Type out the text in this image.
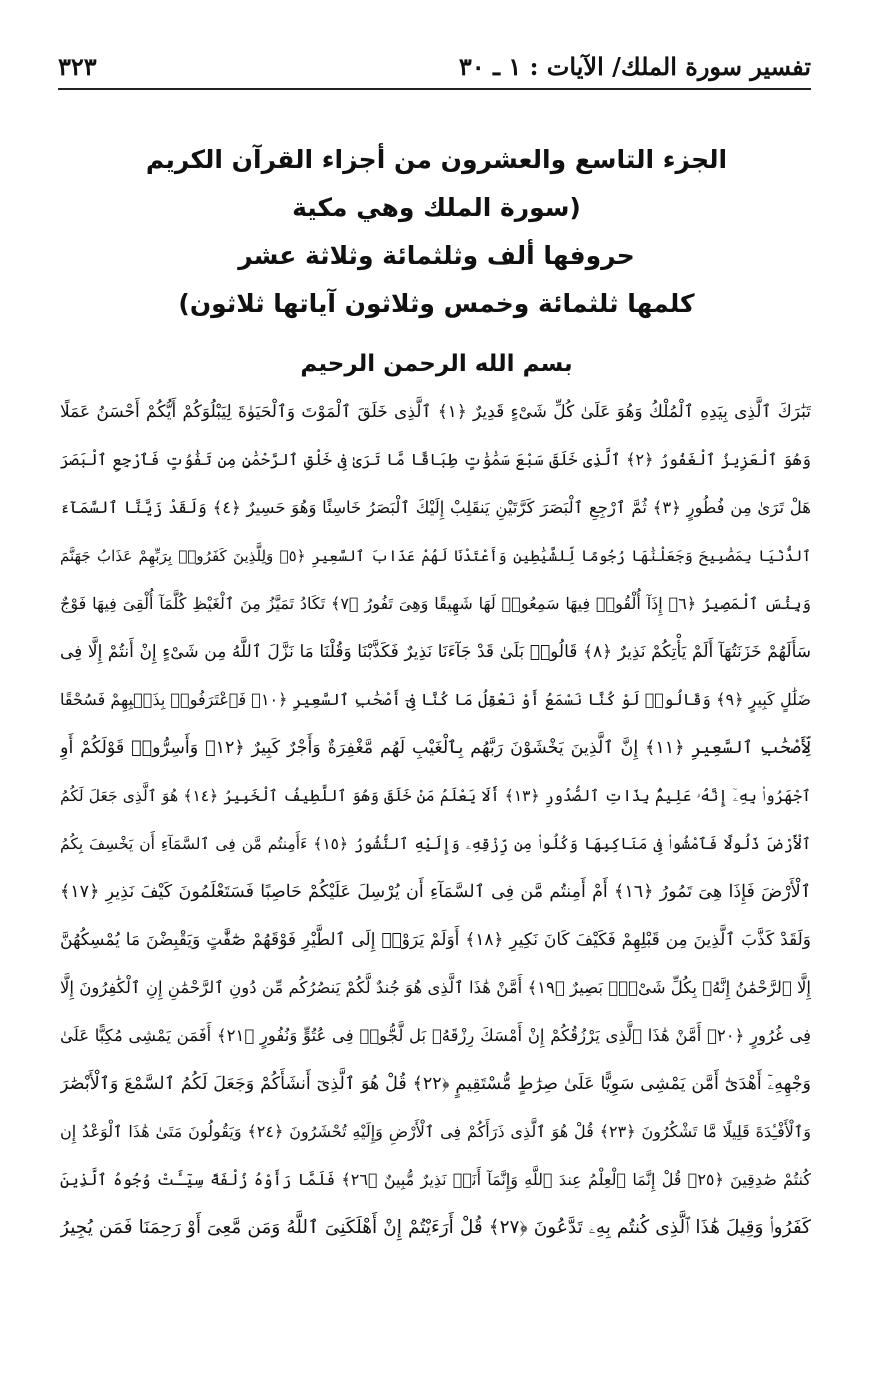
تفسير سورة الملك/ الآيات : ١ ـ ٣٠
٣٢٣
الجزء التاسع والعشرون من أجزاء القرآن الكريم
(سورة الملك وهي مكية
حروفها ألف وثلثمائة وثلاثة عشر
كلمها ثلثمائة وخمس وثلاثون آياتها ثلاثون)
بسم الله الرحمن الرحيم
تَبَٰرَكَ ٱلَّذِى بِيَدِهِ ٱلْمُلْكُ وَهُوَ عَلَىٰ كُلِّ شَىْءٍ قَدِيرٌ ﴿١﴾ ٱلَّذِى خَلَقَ ٱلْمَوْتَ وَٱلْحَيَوٰةَ لِيَبْلُوَكُمْ أَيُّكُمْ أَحْسَنُ عَمَلًا
وَهُوَ ٱلْعَزِيزُ ٱلْغَفُورُ ﴿٢﴾ ٱلَّذِى خَلَقَ سَبْعَ سَمَٰوَٰتٍ طِبَاقًا مَّا تَرَىٰ فِى خَلْقِ ٱلرَّحْمَٰنِ مِن تَفَٰوُتٍ فَٱرْجِعِ ٱلْبَصَرَ
هَلْ تَرَىٰ مِن فُطُورٍ ﴿٣﴾ ثُمَّ ٱرْجِعِ ٱلْبَصَرَ كَرَّتَيْنِ يَنقَلِبْ إِلَيْكَ ٱلْبَصَرُ خَاسِئًا وَهُوَ حَسِيرٌ ﴿٤﴾ وَلَقَدْ زَيَّنَّا ٱلسَّمَآءَ
ٱلدُّنْيَا بِمَصَٰبِيحَ وَجَعَلْنَٰهَا رُجُومًا لِّلشَّيَٰطِينِ وَأَعْتَدْنَا لَهُمْ عَذَابَ ٱلسَّعِيرِ ﴿٥﴾ وَلِلَّذِينَ كَفَرُوا۟ بِرَبِّهِمْ عَذَابُ جَهَنَّمَ
وَبِئْسَ ٱلْمَصِيرُ ﴿٦﴾ إِذَآ أُلْقُوا۟ فِيهَا سَمِعُوا۟ لَهَا شَهِيقًا وَهِىَ تَفُورُ ﴿٧﴾ تَكَادُ تَمَيَّزُ مِنَ ٱلْغَيْظِ كُلَّمَآ أُلْقِىَ فِيهَا فَوْجٌ
سَأَلَهُمْ خَزَنَتُهَآ أَلَمْ يَأْتِكُمْ نَذِيرٌ ﴿٨﴾ قَالُوا۟ بَلَىٰ قَدْ جَآءَنَا نَذِيرٌ فَكَذَّبْنَا وَقُلْنَا مَا نَزَّلَ ٱللَّهُ مِن شَىْءٍ إِنْ أَنتُمْ إِلَّا فِى
ضَلَٰلٍ كَبِيرٍ ﴿٩﴾ وَقَالُوا۟ لَوْ كُنَّا نَسْمَعُ أَوْ نَعْقِلُ مَا كُنَّا فِىٓ أَصْحَٰبِ ٱلسَّعِيرِ ﴿١٠﴾ فَٱعْتَرَفُوا۟ بِذَنۢبِهِمْ فَسُحْقًا
لِّأَصْحَٰبِ ٱلسَّعِيرِ ﴿١١﴾ إِنَّ ٱلَّذِينَ يَخْشَوْنَ رَبَّهُم بِٱلْغَيْبِ لَهُم مَّغْفِرَةٌ وَأَجْرٌ كَبِيرٌ ﴿١٢﴾ وَأَسِرُّوا۟ قَوْلَكُمْ أَوِ
ٱجْهَرُوا۟ بِهِۦٓ إِنَّهُۥ عَلِيمٌۢ بِذَاتِ ٱلصُّدُورِ ﴿١٣﴾ أَلَا يَعْلَمُ مَنْ خَلَقَ وَهُوَ ٱللَّطِيفُ ٱلْخَبِيرُ ﴿١٤﴾ هُوَ ٱلَّذِى جَعَلَ لَكُمُ
ٱلْأَرْضَ ذَلُولًا فَٱمْشُوا۟ فِى مَنَاكِبِهَا وَكُلُوا۟ مِن رِّزْقِهِۦ وَإِلَيْهِ ٱلنُّشُورُ ﴿١٥﴾ ءَأَمِنتُم مَّن فِى ٱلسَّمَآءِ أَن يَخْسِفَ بِكُمُ
ٱلْأَرْضَ فَإِذَا هِىَ تَمُورُ ﴿١٦﴾ أَمْ أَمِنتُم مَّن فِى ٱلسَّمَآءِ أَن يُرْسِلَ عَلَيْكُمْ حَاصِبًا فَسَتَعْلَمُونَ كَيْفَ نَذِيرِ ﴿١٧﴾
وَلَقَدْ كَذَّبَ ٱلَّذِينَ مِن قَبْلِهِمْ فَكَيْفَ كَانَ نَكِيرِ ﴿١٨﴾ أَوَلَمْ يَرَوْا۟ إِلَى ٱلطَّيْرِ فَوْقَهُمْ صَٰٓفَّٰتٍ وَيَقْبِضْنَ مَا يُمْسِكُهُنَّ
إِلَّا ٱلرَّحْمَٰنُ إِنَّهُۥ بِكُلِّ شَىْءٍۭ بَصِيرٌ ﴿١٩﴾ أَمَّنْ هَٰذَا ٱلَّذِى هُوَ جُندٌ لَّكُمْ يَنصُرُكُم مِّن دُونِ ٱلرَّحْمَٰنِ إِنِ ٱلْكَٰفِرُونَ إِلَّا
فِى غُرُورٍ ﴿٢٠﴾ أَمَّنْ هَٰذَا ٱلَّذِى يَرْزُقُكُمْ إِنْ أَمْسَكَ رِزْقَهُۥ بَل لَّجُّوا۟ فِى عُتُوٍّ وَنُفُورٍ ﴿٢١﴾ أَفَمَن يَمْشِى مُكِبًّا عَلَىٰ
وَجْهِهِۦٓ أَهْدَىٰٓ أَمَّن يَمْشِى سَوِيًّا عَلَىٰ صِرَٰطٍ مُّسْتَقِيمٍ ﴿٢٢﴾ قُلْ هُوَ ٱلَّذِىٓ أَنشَأَكُمْ وَجَعَلَ لَكُمُ ٱلسَّمْعَ وَٱلْأَبْصَٰرَ
وَٱلْأَفْـِٔدَةَ قَلِيلًا مَّا تَشْكُرُونَ ﴿٢٣﴾ قُلْ هُوَ ٱلَّذِى ذَرَأَكُمْ فِى ٱلْأَرْضِ وَإِلَيْهِ تُحْشَرُونَ ﴿٢٤﴾ وَيَقُولُونَ مَتَىٰ هَٰذَا ٱلْوَعْدُ إِن
كُنتُمْ صَٰدِقِينَ ﴿٢٥﴾ قُلْ إِنَّمَا ٱلْعِلْمُ عِندَ ٱللَّهِ وَإِنَّمَآ أَنَا۠ نَذِيرٌ مُّبِينٌ ﴿٢٦﴾ فَلَمَّا رَأَوْهُ زُلْفَةً سِيٓـَٔتْ وُجُوهُ ٱلَّذِينَ
كَفَرُوا۟ وَقِيلَ هَٰذَا ٱلَّذِى كُنتُم بِهِۦ تَدَّعُونَ ﴿٢٧﴾ قُلْ أَرَءَيْتُمْ إِنْ أَهْلَكَنِىَ ٱللَّهُ وَمَن مَّعِىَ أَوْ رَحِمَنَا فَمَن يُجِيرُ
